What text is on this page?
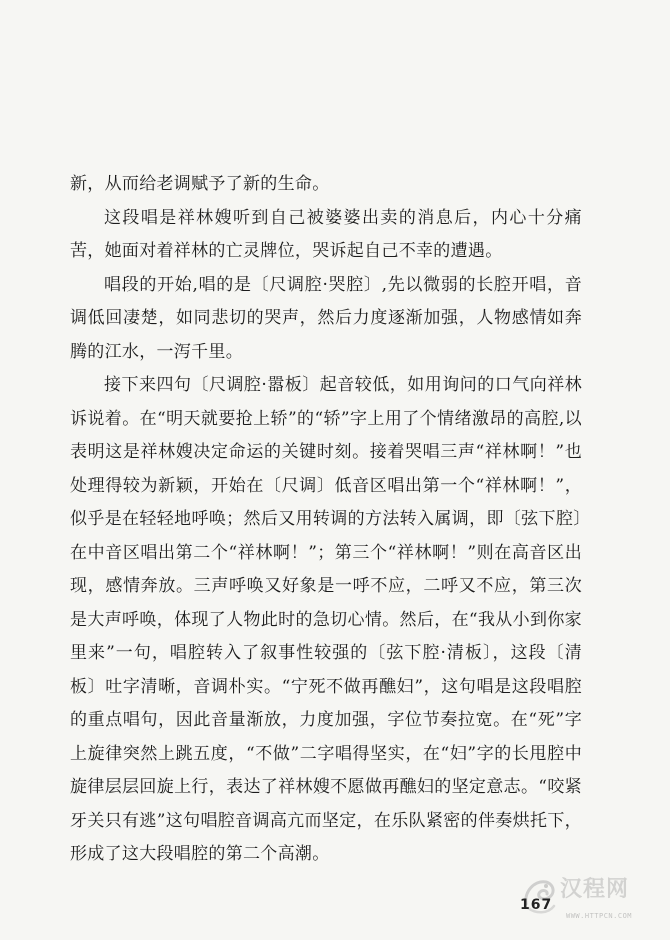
新，从而给老调赋予了新的生命。

这段唱是祥林嫂听到自己被婆婆出卖的消息后，内心十分痛苦，她面对着祥林的亡灵牌位，哭诉起自己不幸的遭遇。

唱段的开始,唱的是〔尺调腔·哭腔〕,先以微弱的长腔开唱，音调低回凄楚，如同悲切的哭声，然后力度逐渐加强，人物感情如奔腾的江水，一泻千里。

接下来四句〔尺调腔·嚣板〕起音较低，如用询问的口气向祥林诉说着。在“明天就要抢上轿”的“轿”字上用了个情绪激昂的高腔,以表明这是祥林嫂决定命运的关键时刻。接着哭唱三声“祥林啊！”也处理得较为新颖，开始在〔尺调〕低音区唱出第一个“祥林啊！”，似乎是在轻轻地呼唤；然后又用转调的方法转入属调，即〔弦下腔〕在中音区唱出第二个“祥林啊！”；第三个“祥林啊！”则在高音区出现，感情奔放。三声呼唤又好象是一呼不应，二呼又不应，第三次是大声呼唤，体现了人物此时的急切心情。然后，在“我从小到你家里来”一句，唱腔转入了叙事性较强的〔弦下腔·清板〕，这段〔清板〕吐字清晰，音调朴实。“宁死不做再醮妇”，这句唱是这段唱腔的重点唱句，因此音量渐放，力度加强，字位节奏拉宽。在“死”字上旋律突然上跳五度，“不做”二字唱得坚实，在“妇”字的长甩腔中旋律层层回旋上行，表达了祥林嫂不愿做再醮妇的坚定意志。“咬紧牙关只有逃”这句唱腔音调高亢而坚定，在乐队紧密的伴奏烘托下，形成了这大段唱腔的第二个高潮。

汉程网
WWW.HTTPCN.COM
167
